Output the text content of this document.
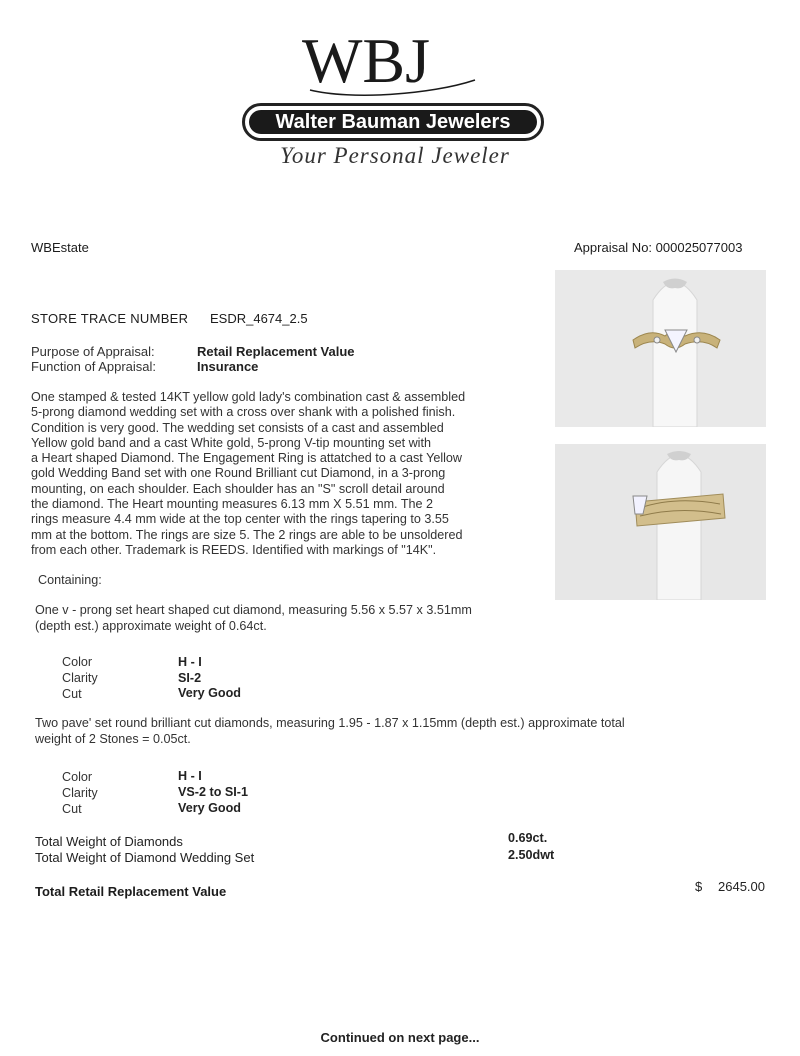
WBJ
Walter Bauman Jewelers
Your Personal Jeweler
WBEstate	Appraisal No: 000025077003
STORE TRACE NUMBER ESDR_4674_2.5
Purpose of Appraisal:	Retail Replacement Value
Function of Appraisal:	Insurance
One stamped & tested 14KT yellow gold lady's combination cast & assembled
5-prong diamond wedding set with a cross over shank with a polished finish.
Condition is very good. The wedding set consists of a cast and assembled
Yellow gold band and a cast White gold, 5-prong V-tip mounting set with
a Heart shaped Diamond. The Engagement Ring is attatched to a cast Yellow
gold Wedding Band set with one Round Brilliant cut Diamond, in a 3-prong
mounting, on each shoulder. Each shoulder has an "S" scroll detail around
the diamond. The Heart mounting measures 6.13 mm X 5.51 mm. The 2
rings measure 4.4 mm wide at the top center with the rings tapering to 3.55
mm at the bottom. The rings are size 5. The 2 rings are able to be unsoldered
from each other. Trademark is REEDS. Identified with markings of "14K".
Containing:
One v - prong set heart shaped cut diamond, measuring 5.56 x 5.57 x 3.51mm
(depth est.) approximate weight of 0.64ct.
Color	H - I
Clarity	SI-2
Cut	Very Good
Two pave' set round brilliant cut diamonds, measuring 1.95 - 1.87 x 1.15mm (depth est.) approximate total
weight of 2 Stones = 0.05ct.
Color	H - I
Clarity	VS-2 to SI-1
Cut	Very Good
Total Weight of Diamonds	0.69ct.
Total Weight of Diamond Wedding Set	2.50dwt
Total Retail Replacement Value	$ 2645.00
Continued on next page...
